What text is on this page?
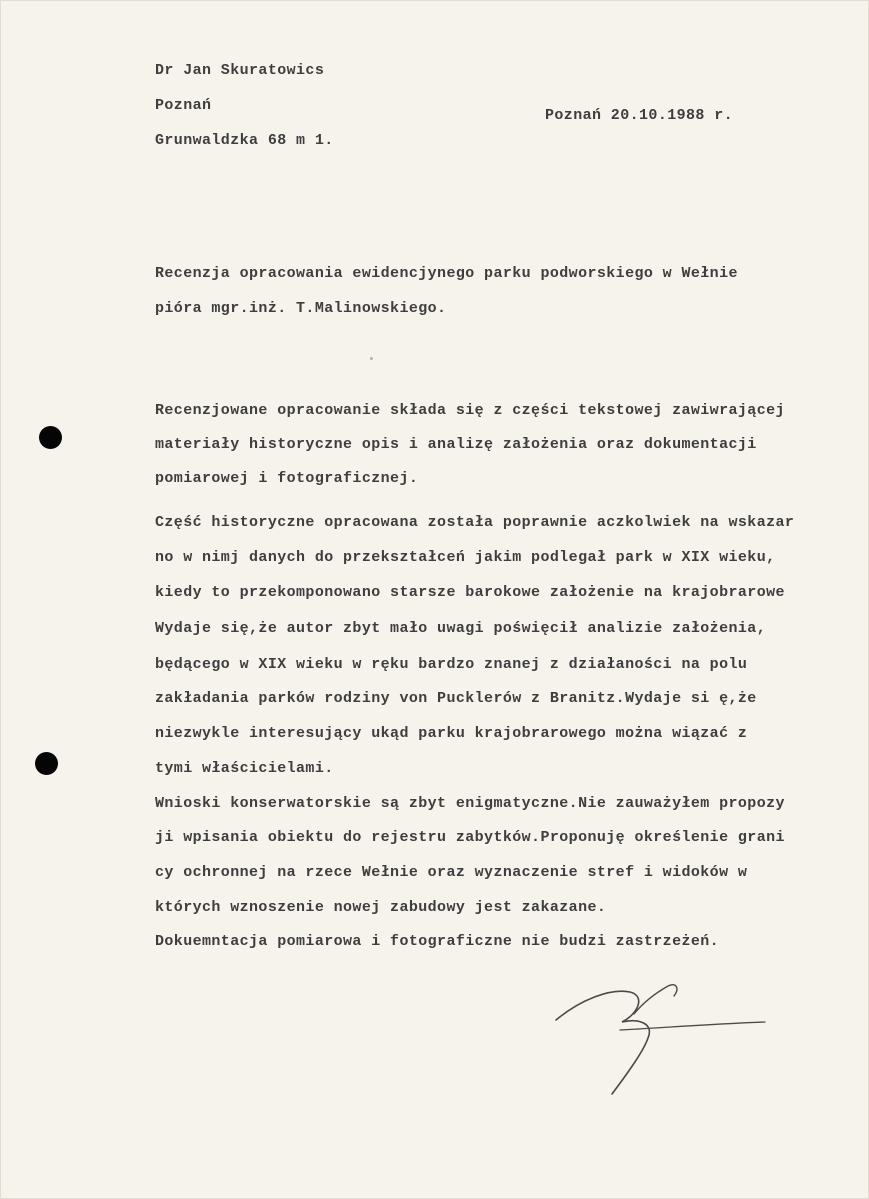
Dr Jan Skuratowics

Poznań

Grunwaldzka 68 m 1.

Poznań 20.10.1988 r.

Recenzja opracowania ewidencjynego parku podworskiego w Wełnie

pióra mgr.inż. T.Malinowskiego.

Recenzjowane opracowanie składa się z części tekstowej zawiwrającej

materiały historyczne opis i analizę założenia oraz dokumentacji

pomiarowej i fotograficznej.

Część historyczne opracowana została poprawnie aczkolwiek na wskazar

no w nimj danych do przekształceń jakim podlegał park w XIX wieku,

kiedy to przekomponowano starsze barokowe założenie na krajobrarowe

Wydaje się,że autor zbyt mało uwagi poświęcił analizie założenia,

będącego w XIX wieku w ręku bardzo znanej z działaności na polu

zakładania parków rodziny von Pucklerów z Branitz.Wydaje si ę,że

niezwykle interesujący ukąd parku krajobrarowego można wiązać z

tymi właścicielami.

Wnioski konserwatorskie są zbyt enigmatyczne.Nie zauważyłem propozy

ji wpisania obiektu do rejestru zabytków.Proponuję określenie grani

cy ochronnej na rzece Wełnie oraz wyznaczenie stref i widoków w

których wznoszenie nowej zabudowy jest zakazane.

Dokuemntacja pomiarowa i fotograficzne nie budzi zastrzeżeń.
